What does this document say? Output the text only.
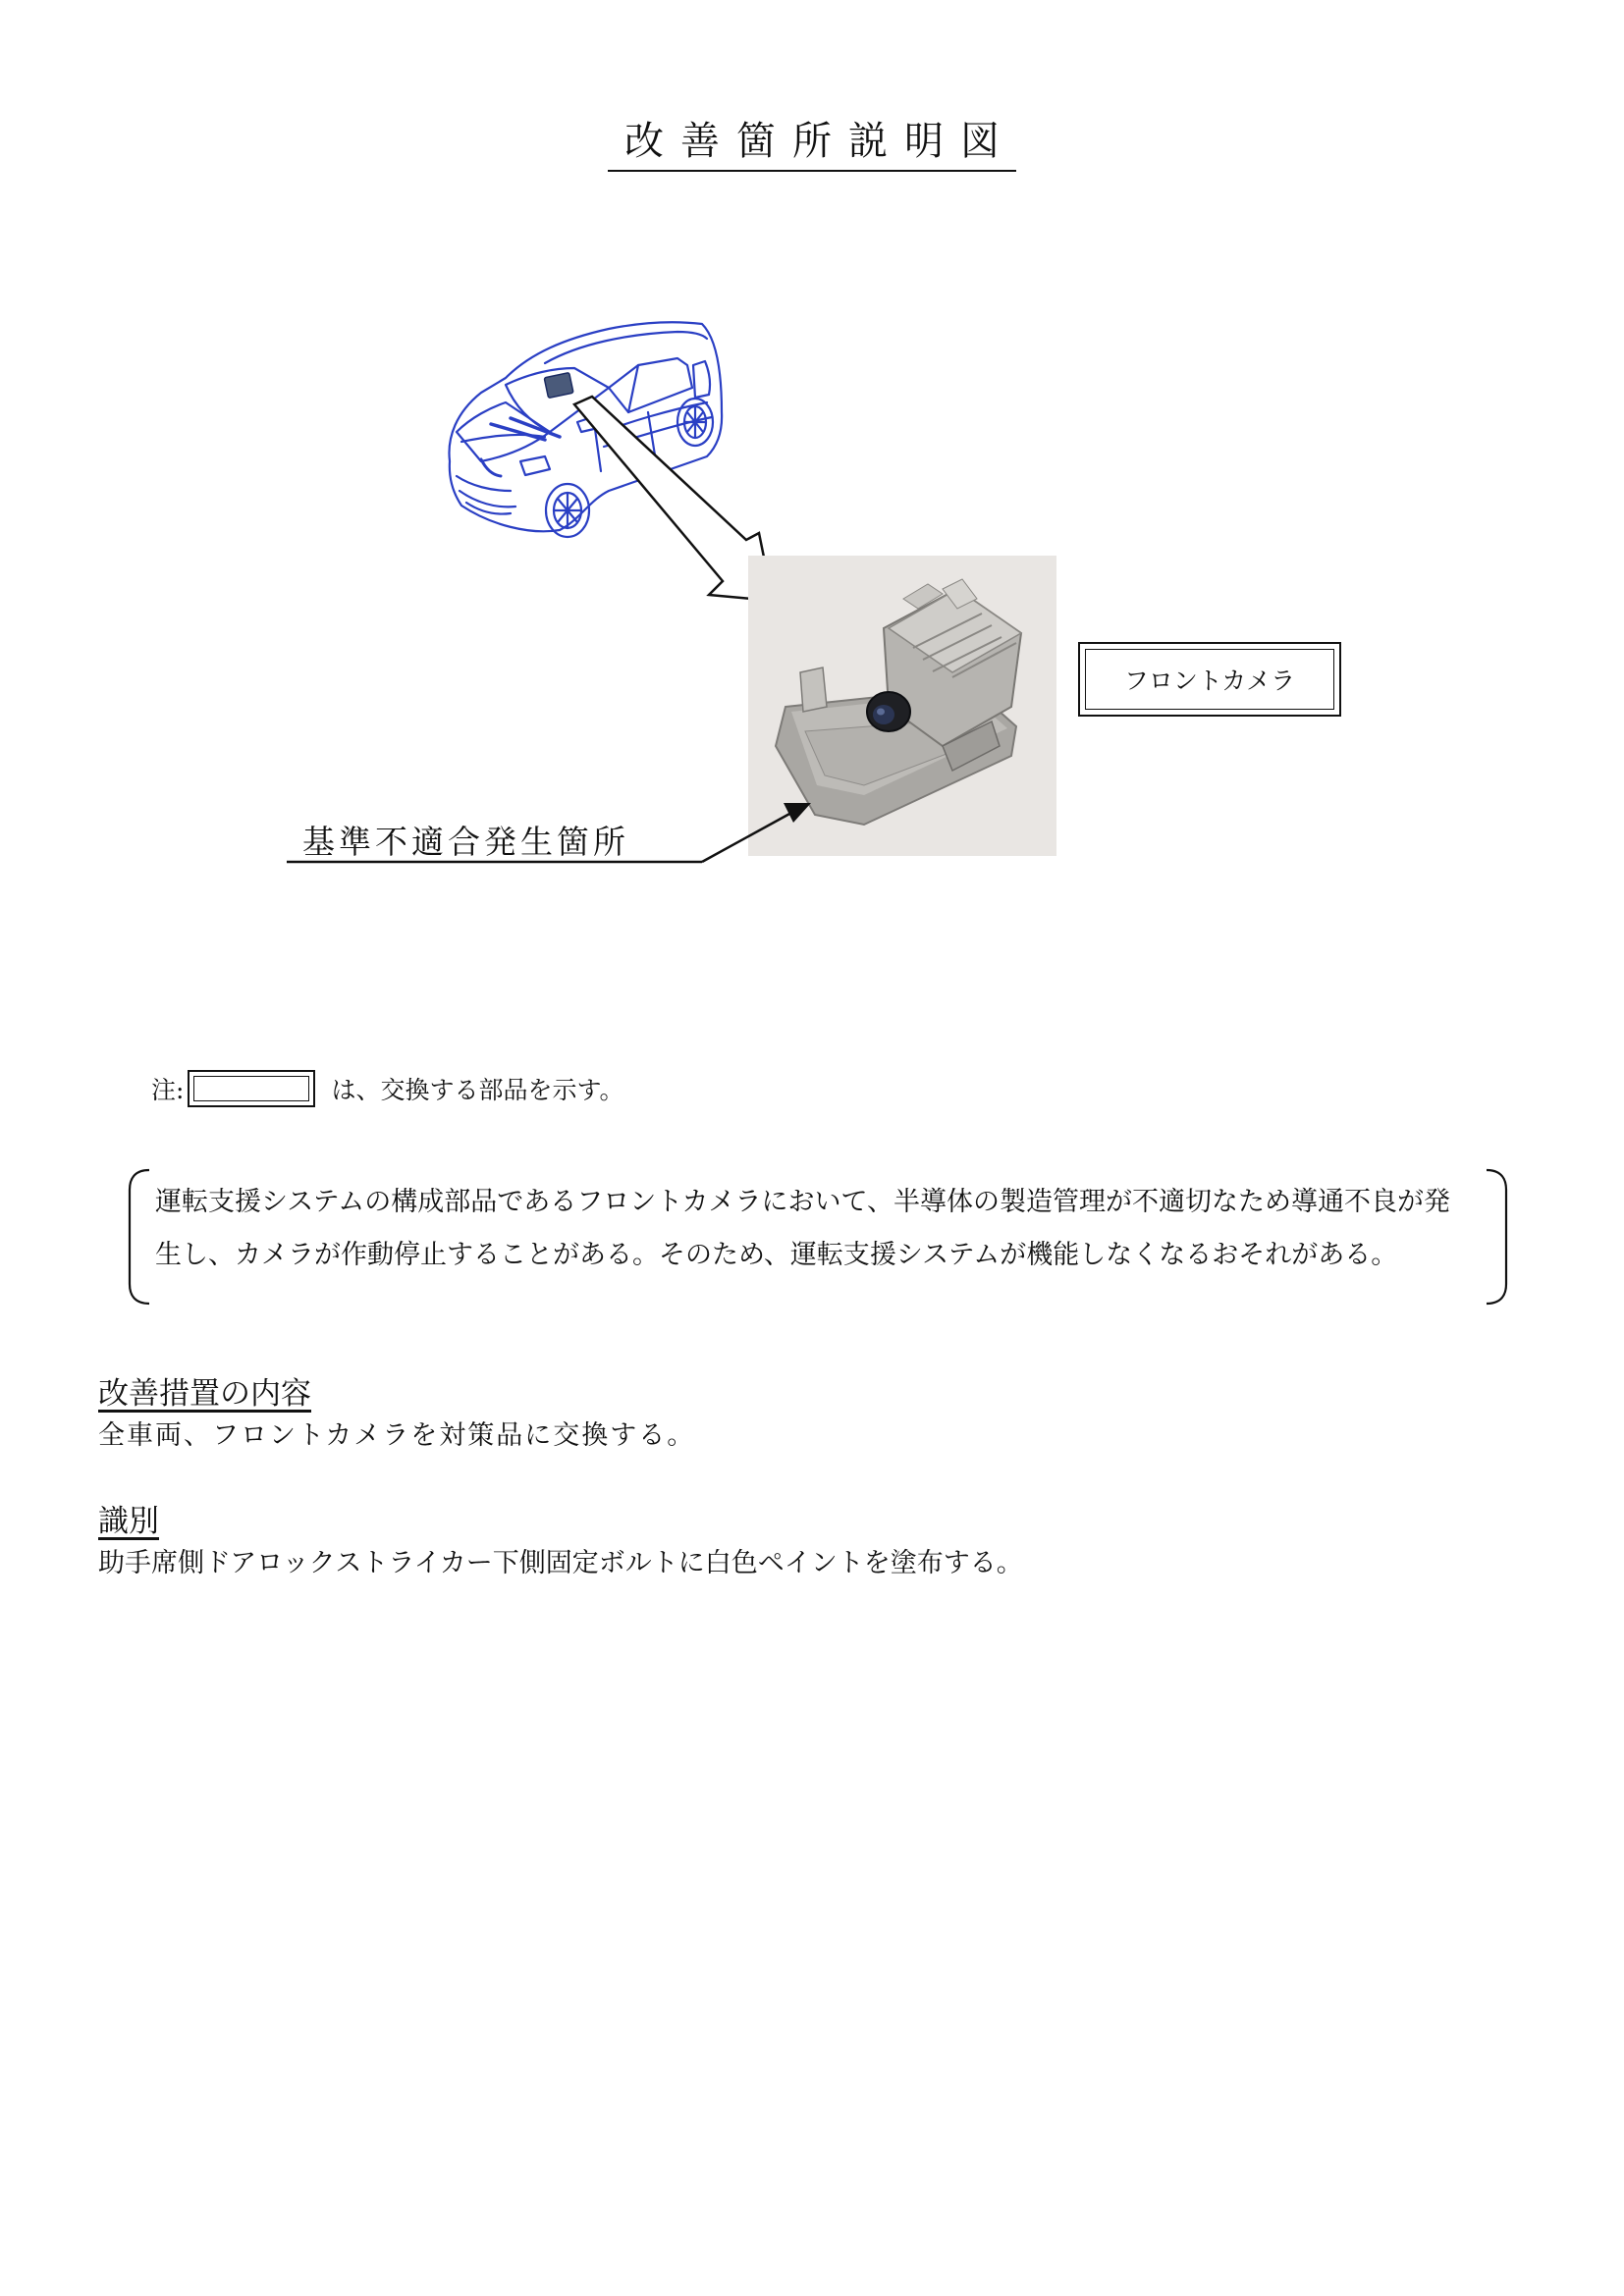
改善箇所説明図
フロントカメラ
基準不適合発生箇所
注:	は、交換する部品を示す。
運転支援システムの構成部品であるフロントカメラにおいて、半導体の製造管理が不適切なため導通不良が発
生し、カメラが作動停止することがある。そのため、運転支援システムが機能しなくなるおそれがある。
改善措置の内容
全車両、フロントカメラを対策品に交換する。
識別
助手席側ドアロックストライカー下側固定ボルトに白色ペイントを塗布する。
